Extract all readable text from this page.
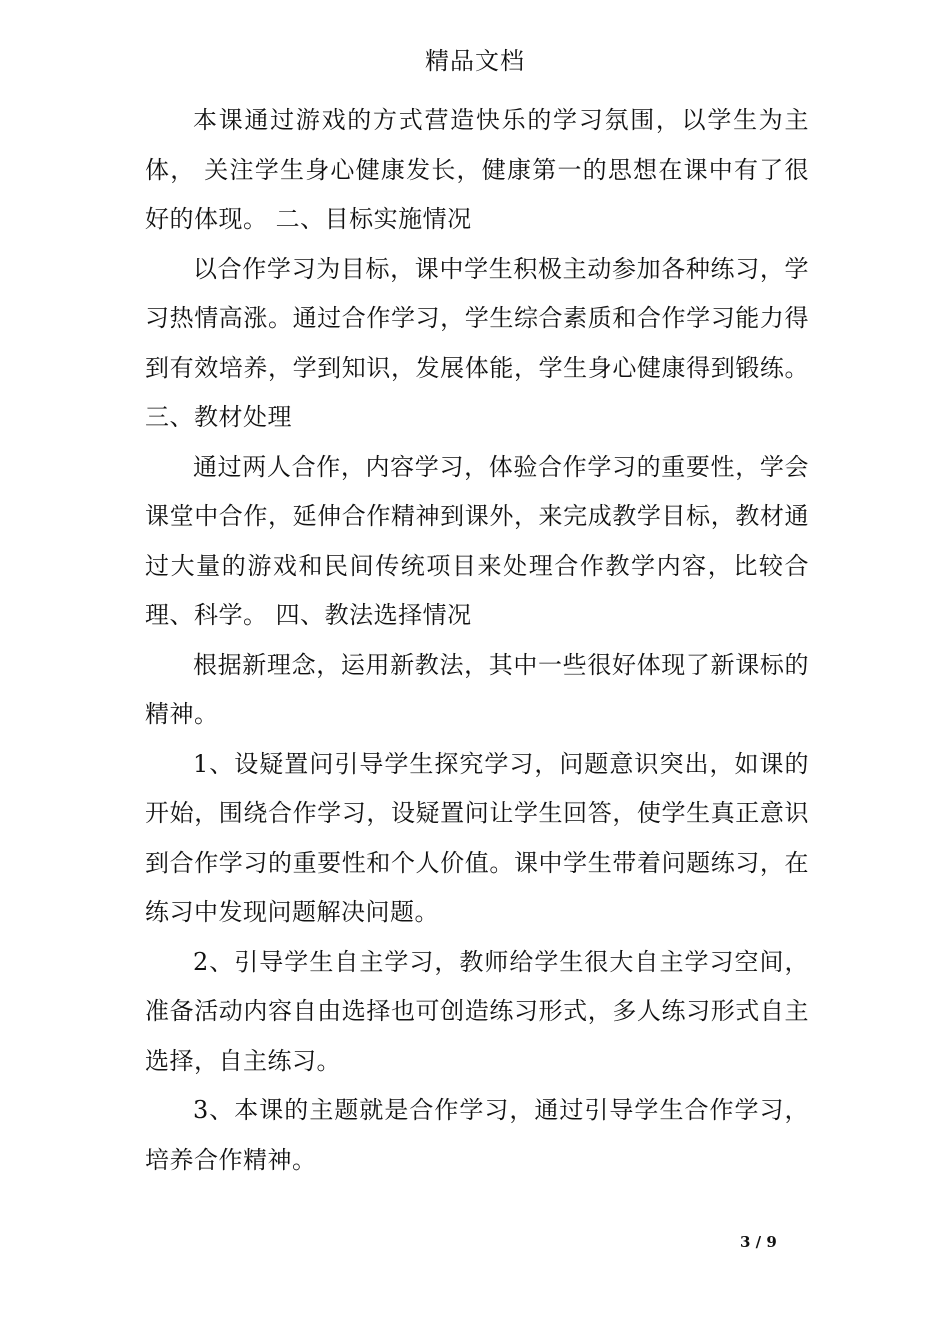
精品文档

本课通过游戏的方式营造快乐的学习氛围，以学生为主体， 关注学生身心健康发长，健康第一的思想在课中有了很好的体现。 二、目标实施情况

以合作学习为目标，课中学生积极主动参加各种练习，学习热情高涨。通过合作学习，学生综合素质和合作学习能力得到有效培养，学到知识，发展体能，学生身心健康得到锻练。 三、教材处理

通过两人合作，内容学习，体验合作学习的重要性，学会课堂中合作，延伸合作精神到课外，来完成教学目标，教材通过大量的游戏和民间传统项目来处理合作教学内容，比较合理、科学。 四、教法选择情况

根据新理念，运用新教法，其中一些很好体现了新课标的精神。

1、设疑置问引导学生探究学习，问题意识突出，如课的开始，围绕合作学习，设疑置问让学生回答，使学生真正意识到合作学习的重要性和个人价值。课中学生带着问题练习，在练习中发现问题解决问题。

2、引导学生自主学习，教师给学生很大自主学习空间，准备活动内容自由选择也可创造练习形式，多人练习形式自主选择，自主练习。

3、本课的主题就是合作学习，通过引导学生合作学习，培养合作精神。

3 / 9
